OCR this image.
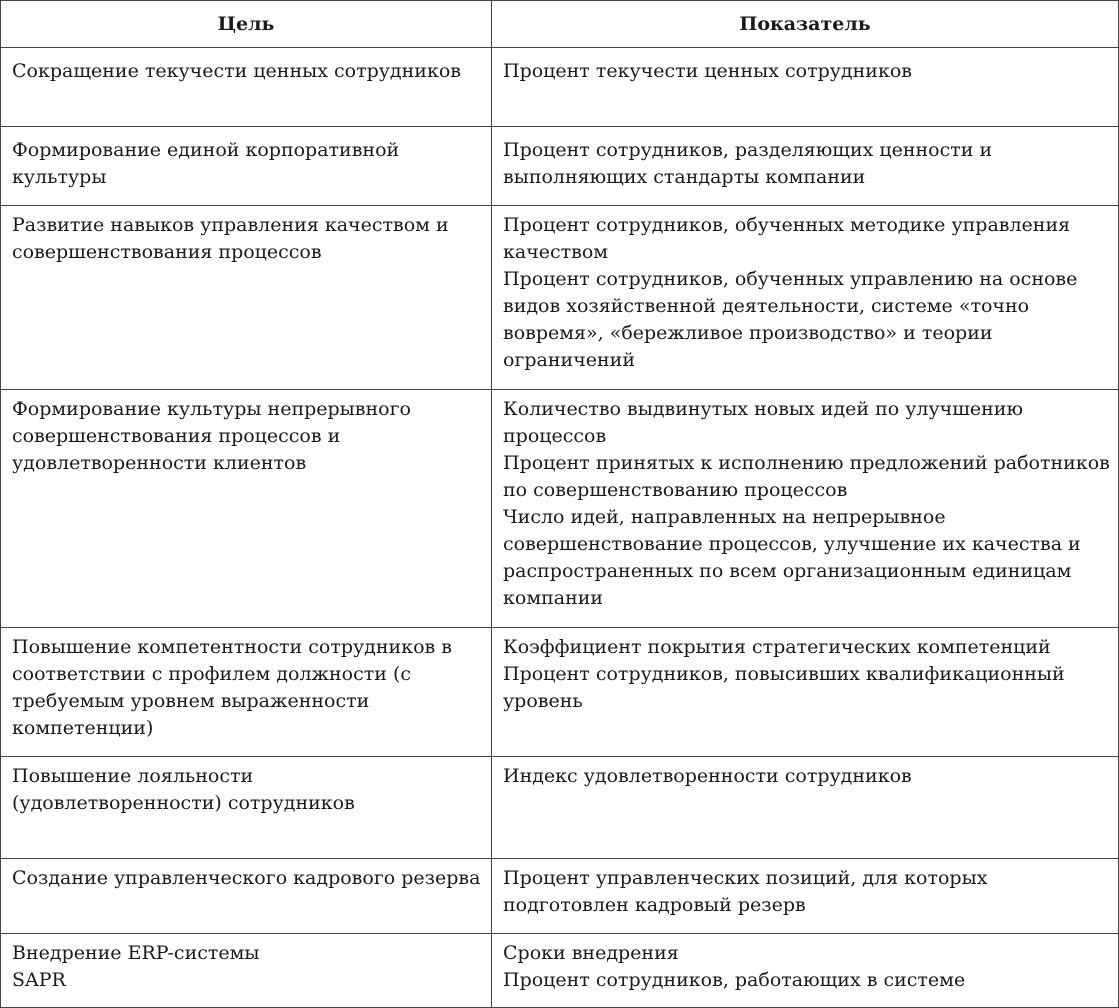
Цель	Показатель

Сокращение текучести ценных сотрудников	Процент текучести ценных сотрудников

Формирование единой корпоративной культуры	Процент сотрудников, разделяющих ценности и выполняющих стандарты компании

Развитие навыков управления качеством и совершенствования процессов	Процент сотрудников, обученных методике управления качеством
Процент сотрудников, обученных управлению на основе видов хозяйственной деятельности, системе «точно вовремя», «бережливое производство» и теории ограничений

Формирование культуры непрерывного совершенствования процессов и удовлетворенности клиентов	Количество выдвинутых новых идей по улучшению процессов
Процент принятых к исполнению предложений работников по совершенствованию процессов
Число идей, направленных на непрерывное совершенствование процессов, улучшение их качества и распространенных по всем организационным единицам компании

Повышение компетентности сотрудников в соответствии с профилем должности (с требуемым уровнем выраженности компетенции)	Коэффициент покрытия стратегических компетенций
Процент сотрудников, повысивших квалификационный уровень

Повышение лояльности
(удовлетворенности) сотрудников	Индекс удовлетворенности сотрудников

Создание управленческого кадрового резерва	Процент управленческих позиций, для которых подготовлен кадровый резерв

Внедрение ERP-системы
SAPR	Сроки внедрения
Процент сотрудников, работающих в системе
